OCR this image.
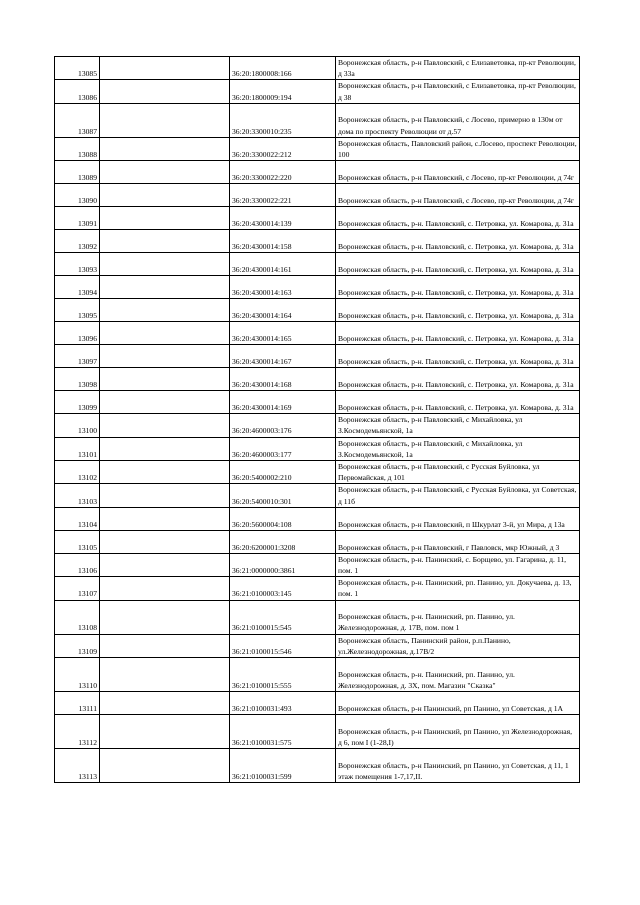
13085		36:20:1800008:166	Воронежская область, р-н Павловский, с Елизаветовка, пр-кт Революции, д 33а
13086		36:20:1800009:194	Воронежская область, р-н Павловский, с Елизаветовка, пр-кт Революции, д 38
13087		36:20:3300010:235	Воронежская область, р-н Павловский, с Лосево, примерно в 130м от дома по проспекту Революции от д.57
13088		36:20:3300022:212	Воронежская область, Павловский район, с.Лосево, проспект Революции, 100
13089		36:20:3300022:220	Воронежская область, р-н Павловский, с Лосево, пр-кт Революции, д 74г
13090		36:20:3300022:221	Воронежская область, р-н Павловский, с Лосево, пр-кт Революции, д 74г
13091		36:20:4300014:139	Воронежская область, р-н. Павловский, с. Петровка, ул. Комарова, д. 31а
13092		36:20:4300014:158	Воронежская область, р-н. Павловский, с. Петровка, ул. Комарова, д. 31а
13093		36:20:4300014:161	Воронежская область, р-н. Павловский, с. Петровка, ул. Комарова, д. 31а
13094		36:20:4300014:163	Воронежская область, р-н. Павловский, с. Петровка, ул. Комарова, д. 31а
13095		36:20:4300014:164	Воронежская область, р-н. Павловский, с. Петровка, ул. Комарова, д. 31а
13096		36:20:4300014:165	Воронежская область, р-н. Павловский, с. Петровка, ул. Комарова, д. 31а
13097		36:20:4300014:167	Воронежская область, р-н. Павловский, с. Петровка, ул. Комарова, д. 31а
13098		36:20:4300014:168	Воронежская область, р-н. Павловский, с. Петровка, ул. Комарова, д. 31а
13099		36:20:4300014:169	Воронежская область, р-н. Павловский, с. Петровка, ул. Комарова, д. 31а
13100		36:20:4600003:176	Воронежская область, р-н Павловский, с Михайловка, ул З.Космодемьянской, 1а
13101		36:20:4600003:177	Воронежская область, р-н Павловский, с Михайловка, ул З.Космодемьянской, 1а
13102		36:20:5400002:210	Воронежская область, р-н Павловский, с Русская Буйловка, ул Первомайская, д 101
13103		36:20:5400010:301	Воронежская область, р-н Павловский, с Русская Буйловка, ул Советская, д 11б
13104		36:20:5600004:108	Воронежская область, р-н Павловский, п Шкурлат 3-й, ул Мира, д 13а
13105		36:20:6200001:3208	Воронежская область, р-н Павловский, г Павловск, мкр Южный, д 3
13106		36:21:0000000:3861	Воронежская область, р-н. Панинский, с. Борщево, ул. Гагарина, д. 11, пом. 1
13107		36:21:0100003:145	Воронежская область, р-н. Панинский, рп. Панино, ул. Докучаева, д. 13, пом. 1
13108		36:21:0100015:545	Воронежская область, р-н. Панинский, рп. Панино, ул. Железнодорожная, д. 17В, пом. пом 1
13109		36:21:0100015:546	Воронежская область, Панинский район, р.п.Панино, ул.Железнодорожная, д.17В/2
13110		36:21:0100015:555	Воронежская область, р-н. Панинский, рп. Панино, ул. Железнодорожная, д. 3Х, пом. Магазин "Сказка"
13111		36:21:0100031:493	Воронежская область, р-н Панинский, рп Панино, ул Советская, д 1А
13112		36:21:0100031:575	Воронежская область, р-н Панинский, рп Панино, ул Железнодорожная, д 6, пом I (1-28,I)
13113		36:21:0100031:599	Воронежская область, р-н Панинский, рп Панино, ул Советская, д 11, 1 этаж помещения 1-7,17,II.
